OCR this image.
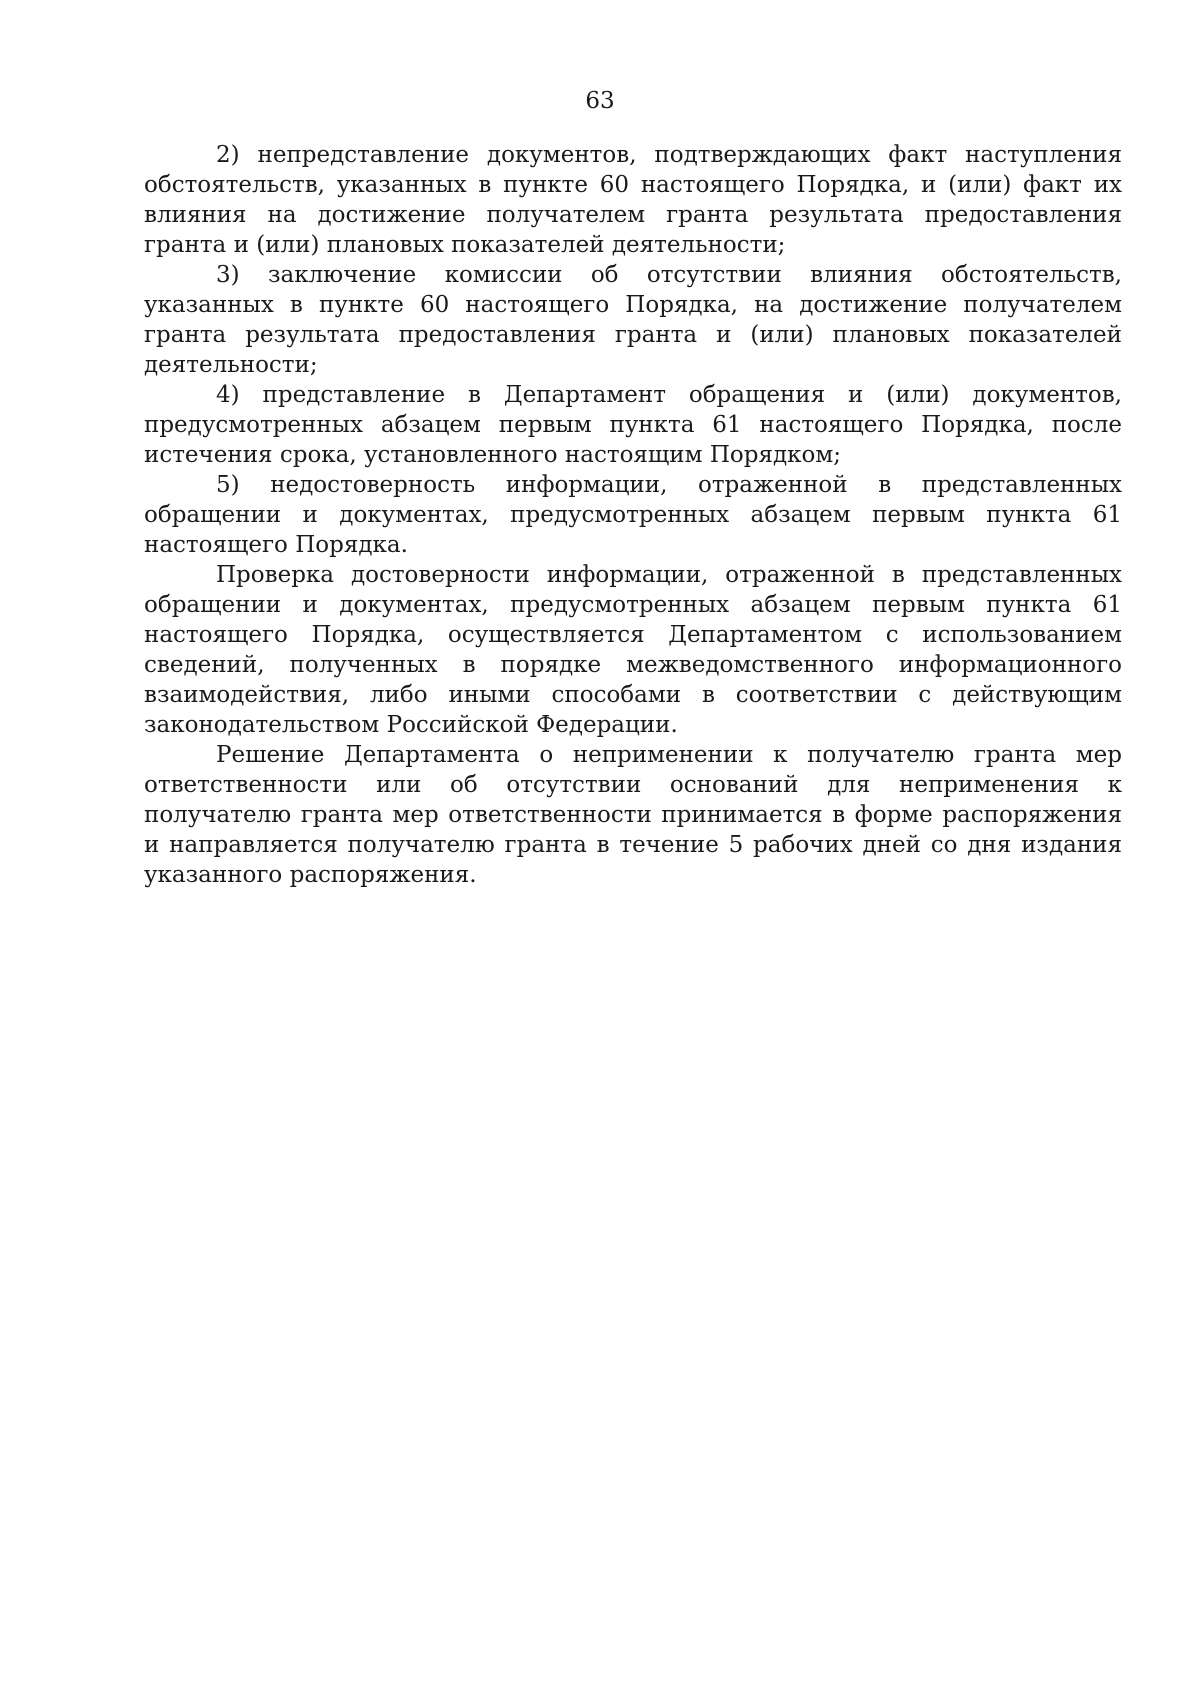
63

2) непредставление документов, подтверждающих факт наступления обстоятельств, указанных в пункте 60 настоящего Порядка, и (или) факт их влияния на достижение получателем гранта результата предоставления гранта и (или) плановых показателей деятельности;

3) заключение комиссии об отсутствии влияния обстоятельств, указанных в пункте 60 настоящего Порядка, на достижение получателем гранта результата предоставления гранта и (или) плановых показателей деятельности;

4) представление в Департамент обращения и (или) документов, предусмотренных абзацем первым пункта 61 настоящего Порядка, после истечения срока, установленного настоящим Порядком;

5) недостоверность информации, отраженной в представленных обращении и документах, предусмотренных абзацем первым пункта 61 настоящего Порядка.

Проверка достоверности информации, отраженной в представленных обращении и документах, предусмотренных абзацем первым пункта 61 настоящего Порядка, осуществляется Департаментом с использованием сведений, полученных в порядке межведомственного информационного взаимодействия, либо иными способами в соответствии с действующим законодательством Российской Федерации.

Решение Департамента о неприменении к получателю гранта мер ответственности или об отсутствии оснований для неприменения к получателю гранта мер ответственности принимается в форме распоряжения и направляется получателю гранта в течение 5 рабочих дней со дня издания указанного распоряжения.
